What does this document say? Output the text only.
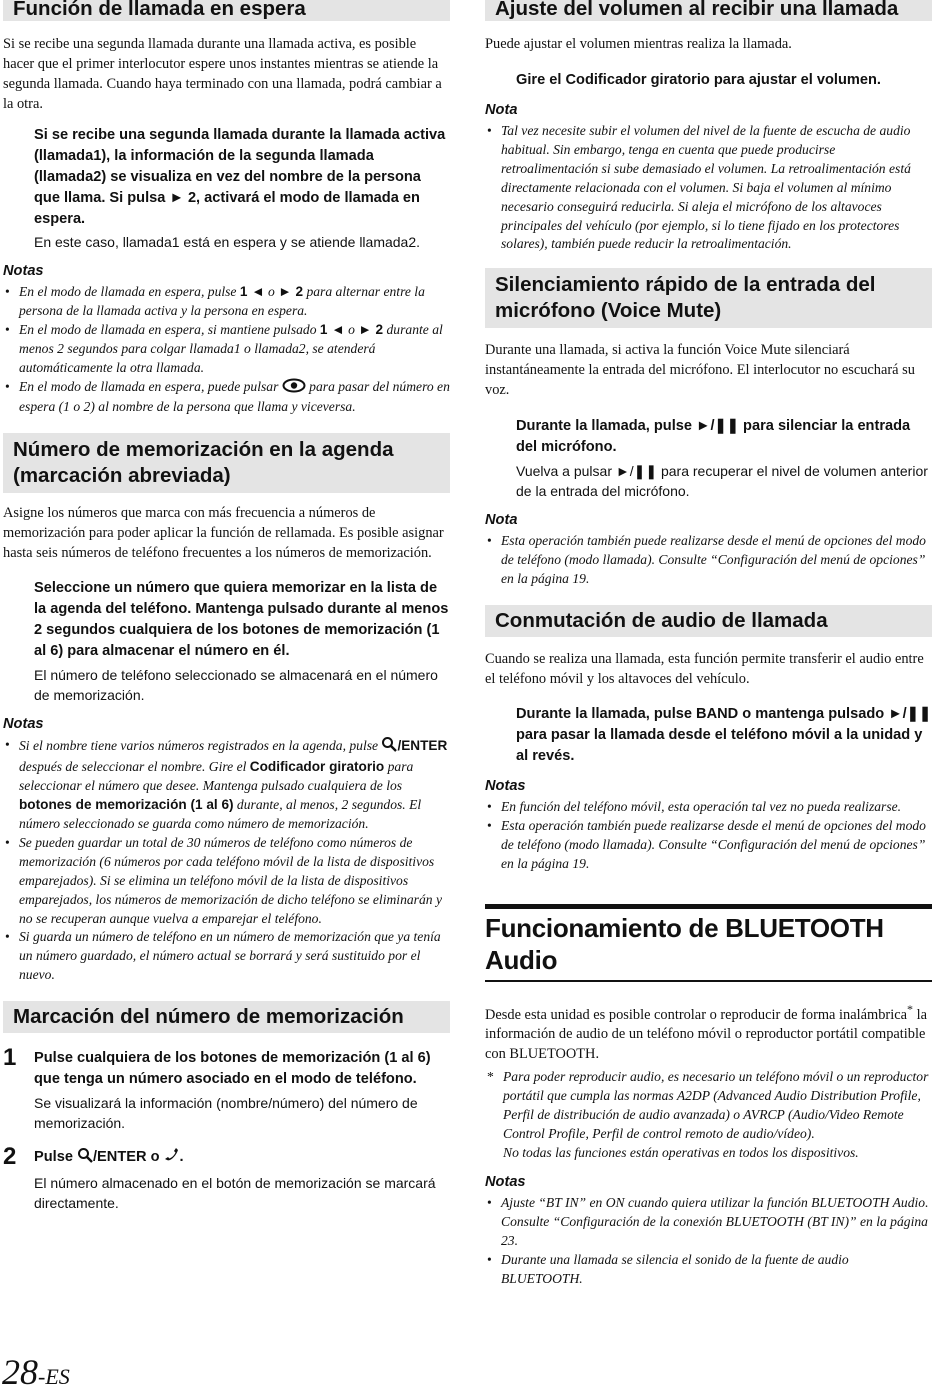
Función de llamada en espera

Si se recibe una segunda llamada durante una llamada activa, es posible hacer que el primer interlocutor espere unos instantes mientras se atiende la segunda llamada. Cuando haya terminado con una llamada, podrá cambiar a la otra.

Si se recibe una segunda llamada durante la llamada activa (llamada1), la información de la segunda llamada (llamada2) se visualiza en vez del nombre de la persona que llama. Si pulsa ► 2, activará el modo de llamada en espera.

En este caso, llamada1 está en espera y se atiende llamada2.

Notas

• En el modo de llamada en espera, pulse 1 ◄ o ► 2 para alternar entre la persona de la llamada activa y la persona en espera.
• En el modo de llamada en espera, si mantiene pulsado 1 ◄ o ► 2 durante al menos 2 segundos para colgar llamada1 o llamada2, se atenderá automáticamente la otra llamada.
• En el modo de llamada en espera, puede pulsar  para pasar del número en espera (1 o 2) al nombre de la persona que llama y viceversa.
Número de memorización en la agenda (marcación abreviada)

Asigne los números que marca con más frecuencia a números de memorización para poder aplicar la función de rellamada. Es posible asignar hasta seis números de teléfono frecuentes a los números de memorización.

Seleccione un número que quiera memorizar en la lista de la agenda del teléfono. Mantenga pulsado durante al menos 2 segundos cualquiera de los botones de memorización (1 al 6) para almacenar el número en él.

El número de teléfono seleccionado se almacenará en el número de memorización.

Notas

• Si el nombre tiene varios números registrados en la agenda, pulse /ENTER después de seleccionar el nombre. Gire el Codificador giratorio para seleccionar el número que desee. Mantenga pulsado cualquiera de los botones de memorización (1 al 6) durante, al menos, 2 segundos. El número seleccionado se guarda como número de memorización.
• Se pueden guardar un total de 30 números de teléfono como números de memorización (6 números por cada teléfono móvil de la lista de dispositivos emparejados). Si se elimina un teléfono móvil de la lista de dispositivos emparejados, los números de memorización de dicho teléfono se eliminarán y no se recuperan aunque vuelva a emparejar el teléfono.
• Si guarda un número de teléfono en un número de memorización que ya tenía un número guardado, el número actual se borrará y será sustituido por el nuevo.
Marcación del número de memorización
1 Pulse cualquiera de los botones de memorización (1 al 6) que tenga un número asociado en el modo de teléfono.

Se visualizará la información (nombre/número) del número de memorización.

2 Pulse /ENTER o .

El número almacenado en el botón de memorización se marcará directamente.

Ajuste del volumen al recibir una llamada

Puede ajustar el volumen mientras realiza la llamada.

Gire el Codificador giratorio para ajustar el volumen.

Nota

• Tal vez necesite subir el volumen del nivel de la fuente de escucha de audio habitual. Sin embargo, tenga en cuenta que puede producirse retroalimentación si sube demasiado el volumen. La retroalimentación está directamente relacionada con el volumen. Si baja el volumen al mínimo necesario conseguirá reducirla. Si aleja el micrófono de los altavoces principales del vehículo (por ejemplo, si lo tiene fijado en los protectores solares), también puede reducir la retroalimentación.
Silenciamiento rápido de la entrada del micrófono (Voice Mute)

Durante una llamada, si activa la función Voice Mute silenciará instantáneamente la entrada del micrófono. El interlocutor no escuchará su voz.

Durante la llamada, pulse ►/❚❚ para silenciar la entrada del micrófono.

Vuelva a pulsar ►/❚❚ para recuperar el nivel de volumen anterior de la entrada del micrófono.

Nota

• Esta operación también puede realizarse desde el menú de opciones del modo de teléfono (modo llamada). Consulte “Configuración del menú de opciones” en la página 19.
Conmutación de audio de llamada

Cuando se realiza una llamada, esta función permite transferir el audio entre el teléfono móvil y los altavoces del vehículo.

Durante la llamada, pulse BAND o mantenga pulsado ►/❚❚ para pasar la llamada desde el teléfono móvil a la unidad y al revés.

Notas

• En función del teléfono móvil, esta operación tal vez no pueda realizarse.
• Esta operación también puede realizarse desde el menú de opciones del modo de teléfono (modo llamada). Consulte “Configuración del menú de opciones” en la página 19.
Funcionamiento de BLUETOOTH Audio

Desde esta unidad es posible controlar o reproducir de forma inalámbrica* la información de audio de un teléfono móvil o reproductor portátil compatible con BLUETOOTH.

* Para poder reproducir audio, es necesario un teléfono móvil o un reproductor portátil que cumpla las normas A2DP (Advanced Audio Distribution Profile, Perfil de distribución de audio avanzada) o AVRCP (Audio/Video Remote Control Profile, Perfil de control remoto de audio/vídeo).
No todas las funciones están operativas en todos los dispositivos.

Notas

• Ajuste “BT IN” en ON cuando quiera utilizar la función BLUETOOTH Audio. Consulte “Configuración de la conexión BLUETOOTH (BT IN)” en la página 23.
• Durante una llamada se silencia el sonido de la fuente de audio BLUETOOTH.
28-ES
